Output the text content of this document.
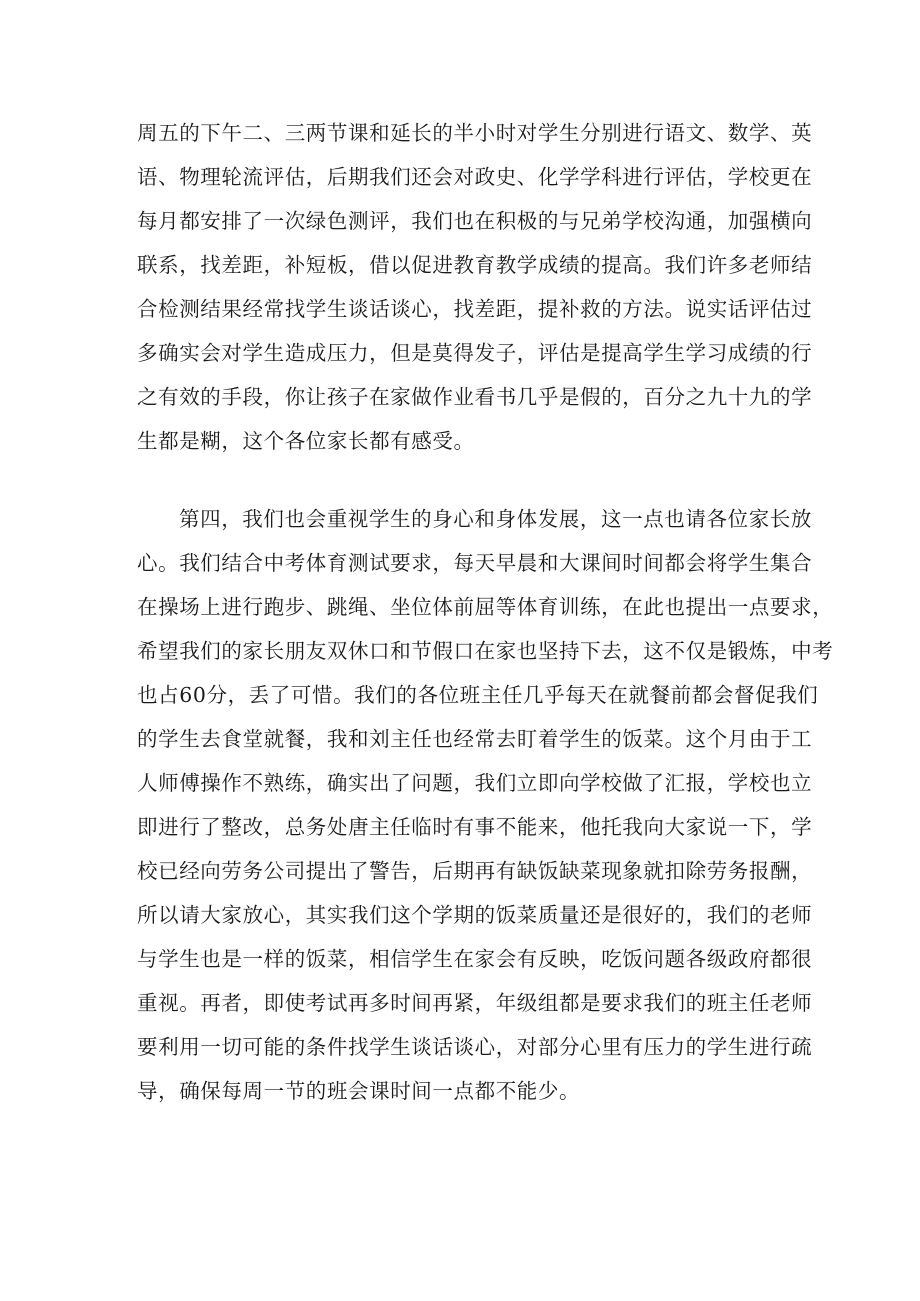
周五的下午二、三两节课和延长的半小时对学生分别进行语文、数学、英
语、物理轮流评估，后期我们还会对政史、化学学科进行评估，学校更在
每月都安排了一次绿色测评，我们也在积极的与兄弟学校沟通，加强横向
联系，找差距，补短板，借以促进教育教学成绩的提高。我们许多老师结
合检测结果经常找学生谈话谈心，找差距，提补救的方法。说实话评估过
多确实会对学生造成压力，但是莫得发子，评估是提高学生学习成绩的行
之有效的手段，你让孩子在家做作业看书几乎是假的，百分之九十九的学
生都是糊，这个各位家长都有感受。
第四，我们也会重视学生的身心和身体发展，这一点也请各位家长放
心。我们结合中考体育测试要求，每天早晨和大课间时间都会将学生集合
在操场上进行跑步、跳绳、坐位体前屈等体育训练，在此也提出一点要求，
希望我们的家长朋友双休口和节假口在家也坚持下去，这不仅是锻炼，中考
也占60分，丢了可惜。我们的各位班主任几乎每天在就餐前都会督促我们
的学生去食堂就餐，我和刘主任也经常去盯着学生的饭菜。这个月由于工
人师傅操作不熟练，确实出了问题，我们立即向学校做了汇报，学校也立
即进行了整改，总务处唐主任临时有事不能来，他托我向大家说一下，学
校已经向劳务公司提出了警告，后期再有缺饭缺菜现象就扣除劳务报酬，
所以请大家放心，其实我们这个学期的饭菜质量还是很好的，我们的老师
与学生也是一样的饭菜，相信学生在家会有反映，吃饭问题各级政府都很
重视。再者，即使考试再多时间再紧，年级组都是要求我们的班主任老师
要利用一切可能的条件找学生谈话谈心，对部分心里有压力的学生进行疏
导，确保每周一节的班会课时间一点都不能少。
